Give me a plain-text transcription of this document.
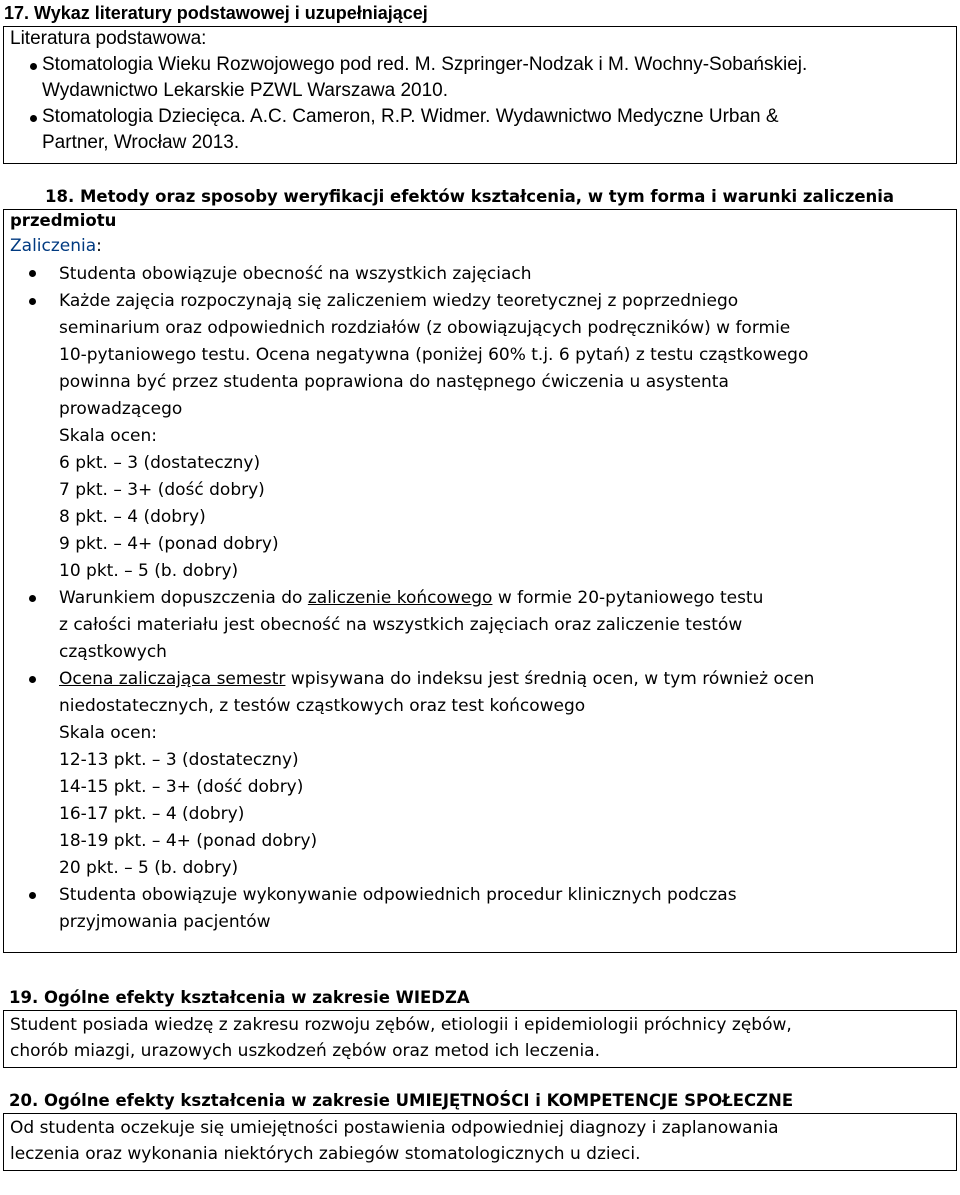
17. Wykaz literatury podstawowej i uzupełniającej
Literatura podstawowa:
Stomatologia Wieku Rozwojowego pod red. M. Szpringer-Nodzak i M. Wochny-Sobańskiej.
Wydawnictwo Lekarskie PZWL Warszawa 2010.
Stomatologia Dziecięca. A.C. Cameron, R.P. Widmer. Wydawnictwo Medyczne Urban &
Partner, Wrocław 2013.
18. Metody oraz sposoby weryfikacji efektów kształcenia, w tym forma i warunki zaliczenia
przedmiotu
Zaliczenia:
Studenta obowiązuje obecność na wszystkich zajęciach
Każde zajęcia rozpoczynają się zaliczeniem wiedzy teoretycznej z poprzedniego
seminarium oraz odpowiednich rozdziałów (z obowiązujących podręczników) w formie
10-pytaniowego testu. Ocena negatywna (poniżej 60% t.j. 6 pytań) z testu cząstkowego
powinna być przez studenta poprawiona do następnego ćwiczenia u asystenta
prowadzącego
Skala ocen:
6 pkt. – 3 (dostateczny)
7 pkt. – 3+ (dość dobry)
8 pkt. – 4 (dobry)
9 pkt. – 4+ (ponad dobry)
10 pkt. – 5 (b. dobry)
Warunkiem dopuszczenia do zaliczenie końcowego w formie 20-pytaniowego testu
z całości materiału jest obecność na wszystkich zajęciach oraz zaliczenie testów
cząstkowych
Ocena zaliczająca semestr wpisywana do indeksu jest średnią ocen, w tym również ocen
niedostatecznych, z testów cząstkowych oraz test końcowego
Skala ocen:
12-13 pkt. – 3 (dostateczny)
14-15 pkt. – 3+ (dość dobry)
16-17 pkt. – 4 (dobry)
18-19 pkt. – 4+ (ponad dobry)
20 pkt. – 5 (b. dobry)
Studenta obowiązuje wykonywanie odpowiednich procedur klinicznych podczas
przyjmowania pacjentów
19. Ogólne efekty kształcenia w zakresie WIEDZA
Student posiada wiedzę z zakresu rozwoju zębów, etiologii i epidemiologii próchnicy zębów,
chorób miazgi, urazowych uszkodzeń zębów oraz metod ich leczenia.
20. Ogólne efekty kształcenia w zakresie UMIEJĘTNOŚCI i KOMPETENCJE SPOŁECZNE
Od studenta oczekuje się umiejętności postawienia odpowiedniej diagnozy i zaplanowania
leczenia oraz wykonania niektórych zabiegów stomatologicznych u dzieci.
